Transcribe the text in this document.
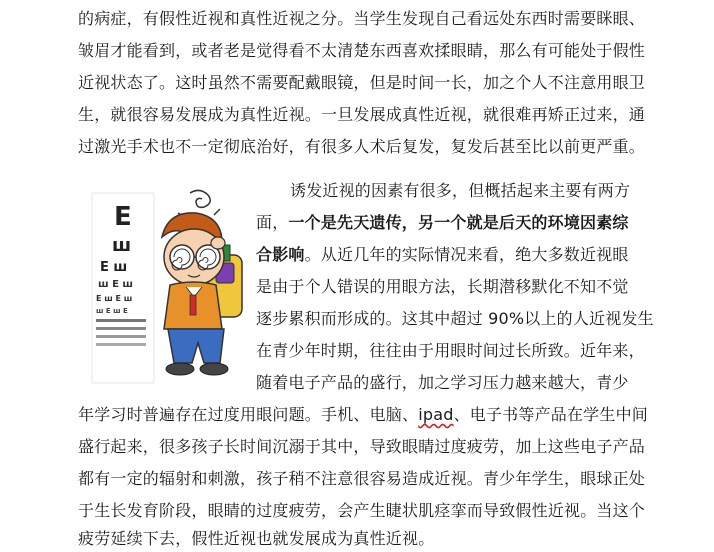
的病症，有假性近视和真性近视之分。当学生发现自己看远处东西时需要眯眼、
皱眉才能看到，或者老是觉得看不太清楚东西喜欢揉眼睛，那么有可能处于假性
近视状态了。这时虽然不需要配戴眼镜，但是时间一长，加之个人不注意用眼卫
生，就很容易发展成为真性近视。一旦发展成真性近视，就很难再矫正过来，通
过激光手术也不一定彻底治好，有很多人术后复发，复发后甚至比以前更严重。
E
ш
Е ш
ш Е ш
Е ш Е ш
ш Е ш Е
诱发近视的因素有很多，但概括起来主要有两方
面，一个是先天遗传，另一个就是后天的环境因素综
合影响。从近几年的实际情况来看，绝大多数近视眼
是由于个人错误的用眼方法，长期潜移默化不知不觉
逐步累积而形成的。这其中超过 90%以上的人近视发生
在青少年时期，往往由于用眼时间过长所致。近年来，
随着电子产品的盛行，加之学习压力越来越大，青少
年学习时普遍存在过度用眼问题。手机、电脑、ipad、电子书等产品在学生中间
盛行起来，很多孩子长时间沉溺于其中，导致眼睛过度疲劳，加上这些电子产品
都有一定的辐射和刺激，孩子稍不注意很容易造成近视。青少年学生，眼球正处
于生长发育阶段，眼睛的过度疲劳，会产生睫状肌痉挛而导致假性近视。当这个
疲劳延续下去，假性近视也就发展成为真性近视。
